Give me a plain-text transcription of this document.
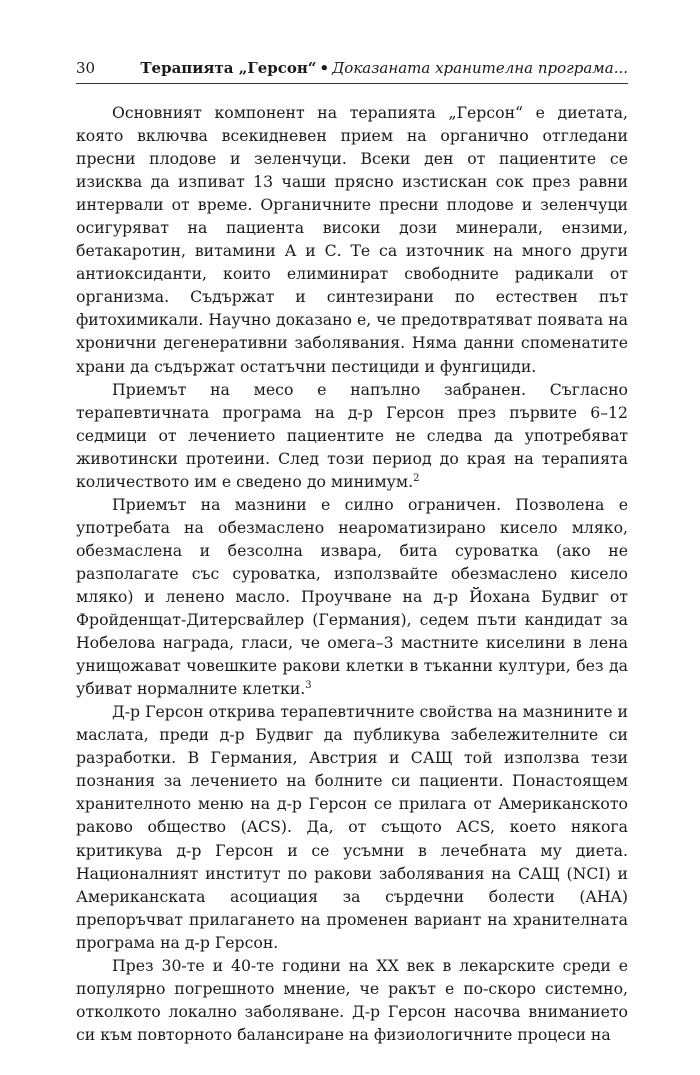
30	Терапията „Герсон“ • Доказаната хранителна програма...

Основният компонент на терапията „Герсон“ е диетата, която включва всекидневен прием на органично отгледани пресни плодове и зеленчуци. Всеки ден от пациентите се изисква да изпиват 13 чаши прясно изстискан сок през равни интервали от време. Органичните пресни плодове и зеленчуци осигуряват на пациента високи дози минерали, ензими, бетакаротин, витамини А и С. Те са източник на много други антиоксиданти, които елиминират свободните радикали от организма. Съдържат и синтезирани по естествен път фитохимикали. Научно доказано е, че предотвратяват появата на хронични дегенеративни заболявания. Няма данни споменатите храни да съдържат остатъчни пестициди и фунгициди.

Приемът на месо е напълно забранен. Съгласно терапевтичната програма на д-р Герсон през първите 6–12 седмици от лечението пациентите не следва да употребяват животински протеини. След този период до края на терапията количеството им е сведено до минимум.$^2$

Приемът на мазнини е силно ограничен. Позволена е употребата на обезмаслено неароматизирано кисело мляко, обезмаслена и безсолна извара, бита суроватка (ако не разполагате със суроватка, използвайте обезмаслено кисело мляко) и ленено масло. Проучване на д-р Йохана Будвиг от Фройденщат-Дитерсвайлер (Германия), седем пъти кандидат за Нобелова награда, гласи, че омега–3 мастните киселини в лена унищожават човешките ракови клетки в тъканни култури, без да убиват нормалните клетки.$^3$

Д-р Герсон открива терапевтичните свойства на мазнините и маслата, преди д-р Будвиг да публикува забележителните си разработки. В Германия, Австрия и САЩ той използва тези познания за лечението на болните си пациенти. Понастоящем хранителното меню на д-р Герсон се прилага от Американското раково общество (ACS). Да, от същото ACS, което някога критикува д-р Герсон и се усъмни в лечебната му диета. Националният институт по ракови заболявания на САЩ (NCI) и Американската асоциация за сърдечни болести (AHA) препоръчват прилагането на променен вариант на хранителната програма на д-р Герсон.

През 30-те и 40-те години на XX век в лекарските среди е популярно погрешното мнение, че ракът е по-скоро системно, отколкото локално заболяване. Д-р Герсон насочва вниманието си към повторното балансиране на физиологичните процеси на
